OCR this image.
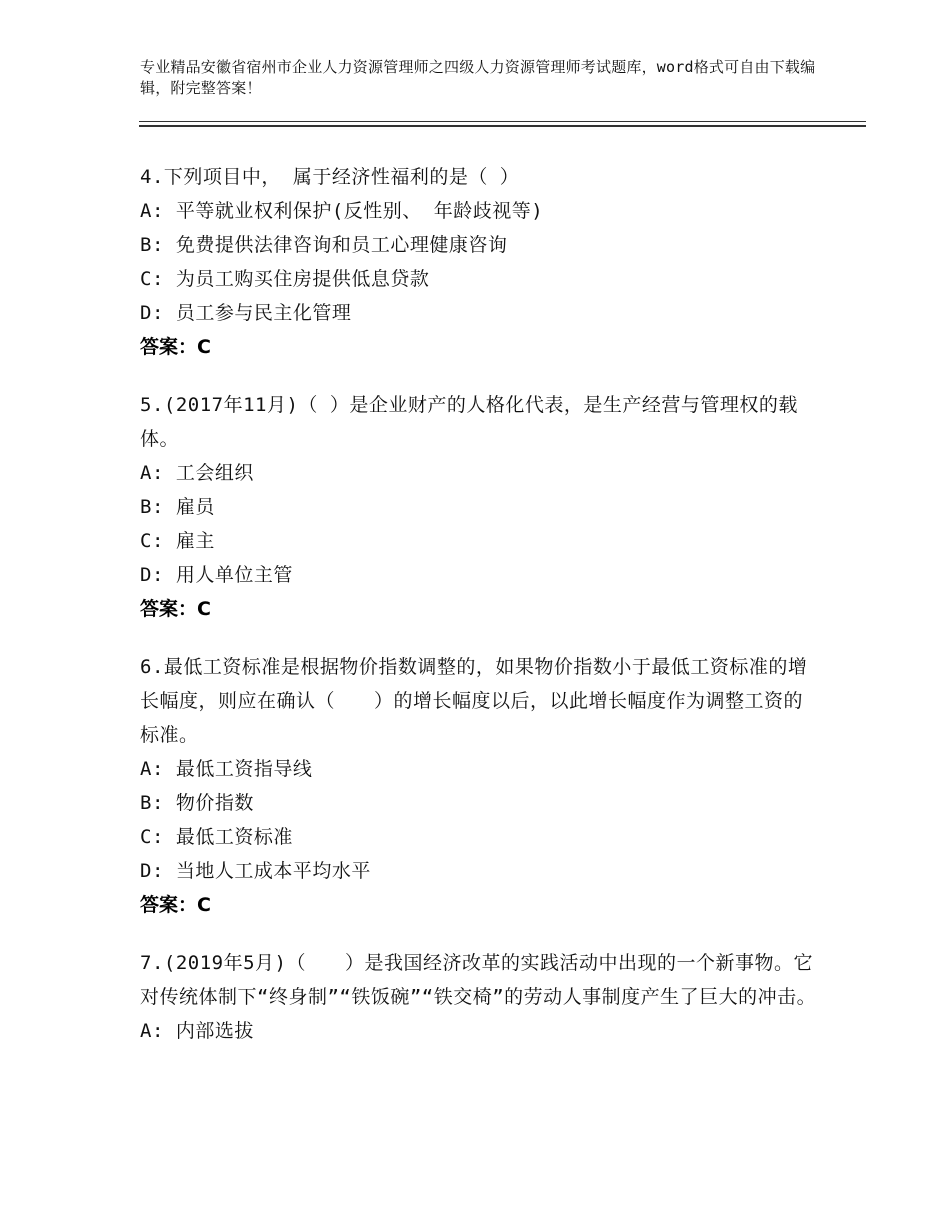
专业精品安徽省宿州市企业人力资源管理师之四级人力资源管理师考试题库，word格式可自由下载编辑，附完整答案！

4.下列项目中， 属于经济性福利的是（ ）

A: 平等就业权利保护(反性别、 年龄歧视等)

B: 免费提供法律咨询和员工心理健康咨询

C: 为员工购买住房提供低息贷款

D: 员工参与民主化管理

答案：C

5.(2017年11月)（ ）是企业财产的人格化代表，是生产经营与管理权的载体。

A: 工会组织

B: 雇员

C: 雇主

D: 用人单位主管

答案：C

6.最低工资标准是根据物价指数调整的，如果物价指数小于最低工资标准的增长幅度，则应在确认（　　）的增长幅度以后，以此增长幅度作为调整工资的标准。

A: 最低工资指导线

B: 物价指数

C: 最低工资标准

D: 当地人工成本平均水平

答案：C

7.(2019年5月)（　　）是我国经济改革的实践活动中出现的一个新事物。它对传统体制下“终身制”“铁饭碗”“铁交椅”的劳动人事制度产生了巨大的冲击。

A: 内部选拔
